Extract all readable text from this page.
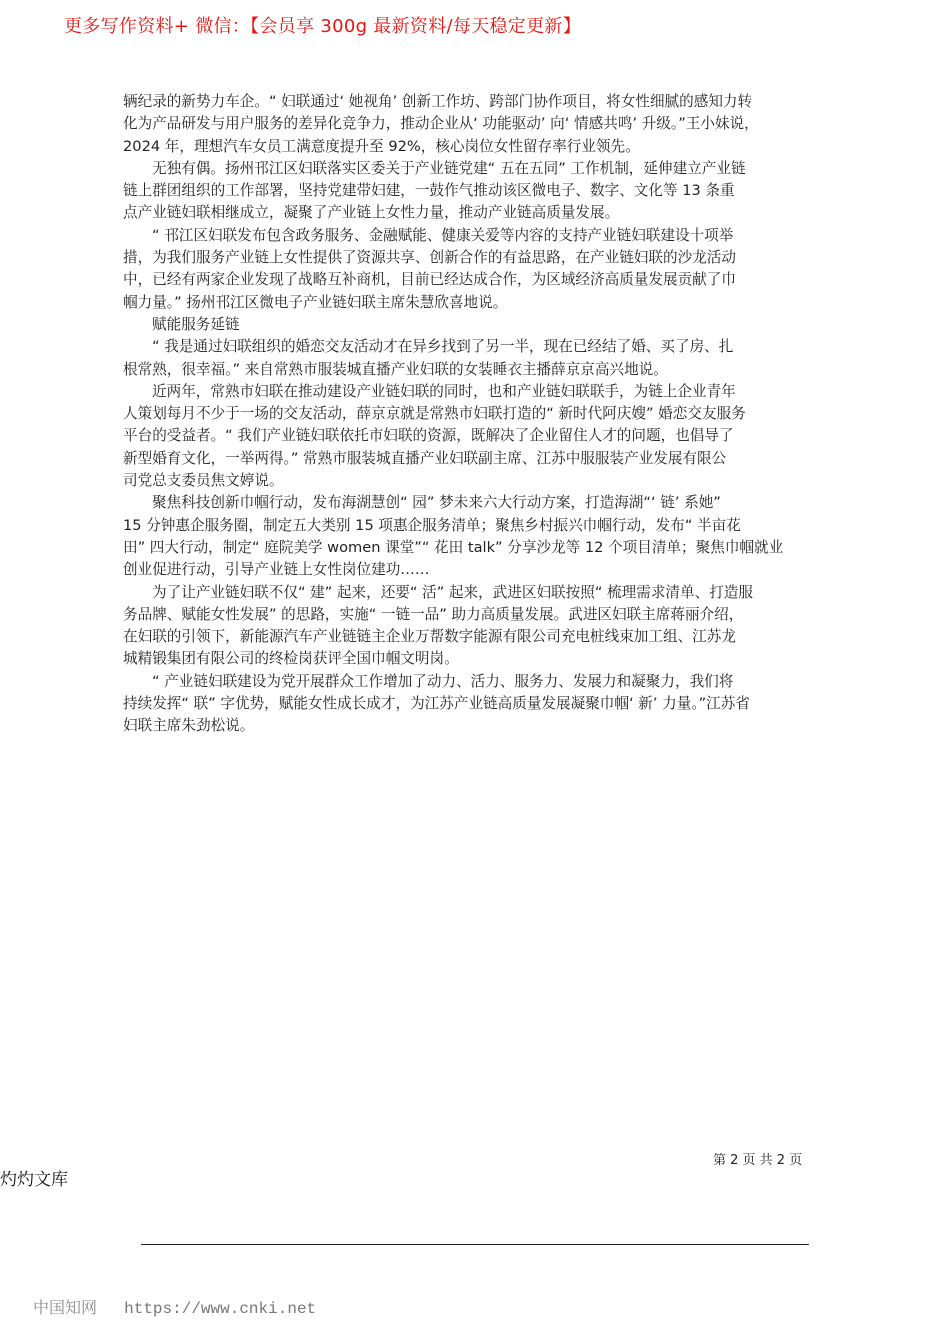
更多写作资料+ 微信：【会员享 300g 最新资料/每天稳定更新】
辆纪录的新势力车企。“ 妇联通过‘ 她视角’ 创新工作坊、跨部门协作项目，将女性细腻的感知力转
化为产品研发与用户服务的差异化竞争力，推动企业从‘ 功能驱动’ 向‘ 情感共鸣’ 升级。”王小妹说，
2024 年，理想汽车女员工满意度提升至 92%，核心岗位女性留存率行业领先。
无独有偶。扬州邗江区妇联落实区委关于产业链党建“ 五在五同” 工作机制，延伸建立产业链
链上群团组织的工作部署，坚持党建带妇建，一鼓作气推动该区微电子、数字、文化等 13 条重
点产业链妇联相继成立，凝聚了产业链上女性力量，推动产业链高质量发展。
“ 邗江区妇联发布包含政务服务、金融赋能、健康关爱等内容的支持产业链妇联建设十项举
措，为我们服务产业链上女性提供了资源共享、创新合作的有益思路，在产业链妇联的沙龙活动
中，已经有两家企业发现了战略互补商机，目前已经达成合作，为区域经济高质量发展贡献了巾
帼力量。” 扬州邗江区微电子产业链妇联主席朱慧欣喜地说。
赋能服务延链
“ 我是通过妇联组织的婚恋交友活动才在异乡找到了另一半，现在已经结了婚、买了房、扎
根常熟，很幸福。” 来自常熟市服装城直播产业妇联的女装睡衣主播薛京京高兴地说。
近两年，常熟市妇联在推动建设产业链妇联的同时，也和产业链妇联联手，为链上企业青年
人策划每月不少于一场的交友活动，薛京京就是常熟市妇联打造的“ 新时代阿庆嫂” 婚恋交友服务
平台的受益者。“ 我们产业链妇联依托市妇联的资源，既解决了企业留住人才的问题，也倡导了
新型婚育文化，一举两得。” 常熟市服装城直播产业妇联副主席、江苏中服服装产业发展有限公
司党总支委员焦文婷说。
聚焦科技创新巾帼行动，发布海湖慧创“ 园” 梦未来六大行动方案，打造海湖“‘ 链’ 系她”
15 分钟惠企服务圈，制定五大类别 15 项惠企服务清单；聚焦乡村振兴巾帼行动，发布“ 半亩花
田” 四大行动，制定“ 庭院美学 women 课堂”“ 花田 talk” 分享沙龙等 12 个项目清单；聚焦巾帼就业
创业促进行动，引导产业链上女性岗位建功……
为了让产业链妇联不仅“ 建” 起来，还要“ 活” 起来，武进区妇联按照“ 梳理需求清单、打造服
务品牌、赋能女性发展” 的思路，实施“ 一链一品” 助力高质量发展。武进区妇联主席蒋丽介绍，
在妇联的引领下，新能源汽车产业链链主企业万帮数字能源有限公司充电桩线束加工组、江苏龙
城精锻集团有限公司的终检岗获评全国巾帼文明岗。
“ 产业链妇联建设为党开展群众工作增加了动力、活力、服务力、发展力和凝聚力，我们将
持续发挥“ 联” 字优势，赋能女性成长成才，为江苏产业链高质量发展凝聚巾帼‘ 新’ 力量。”江苏省
妇联主席朱劲松说。
第 2 页 共 2 页
灼灼文库
中国知网 https://www.cnki.net
